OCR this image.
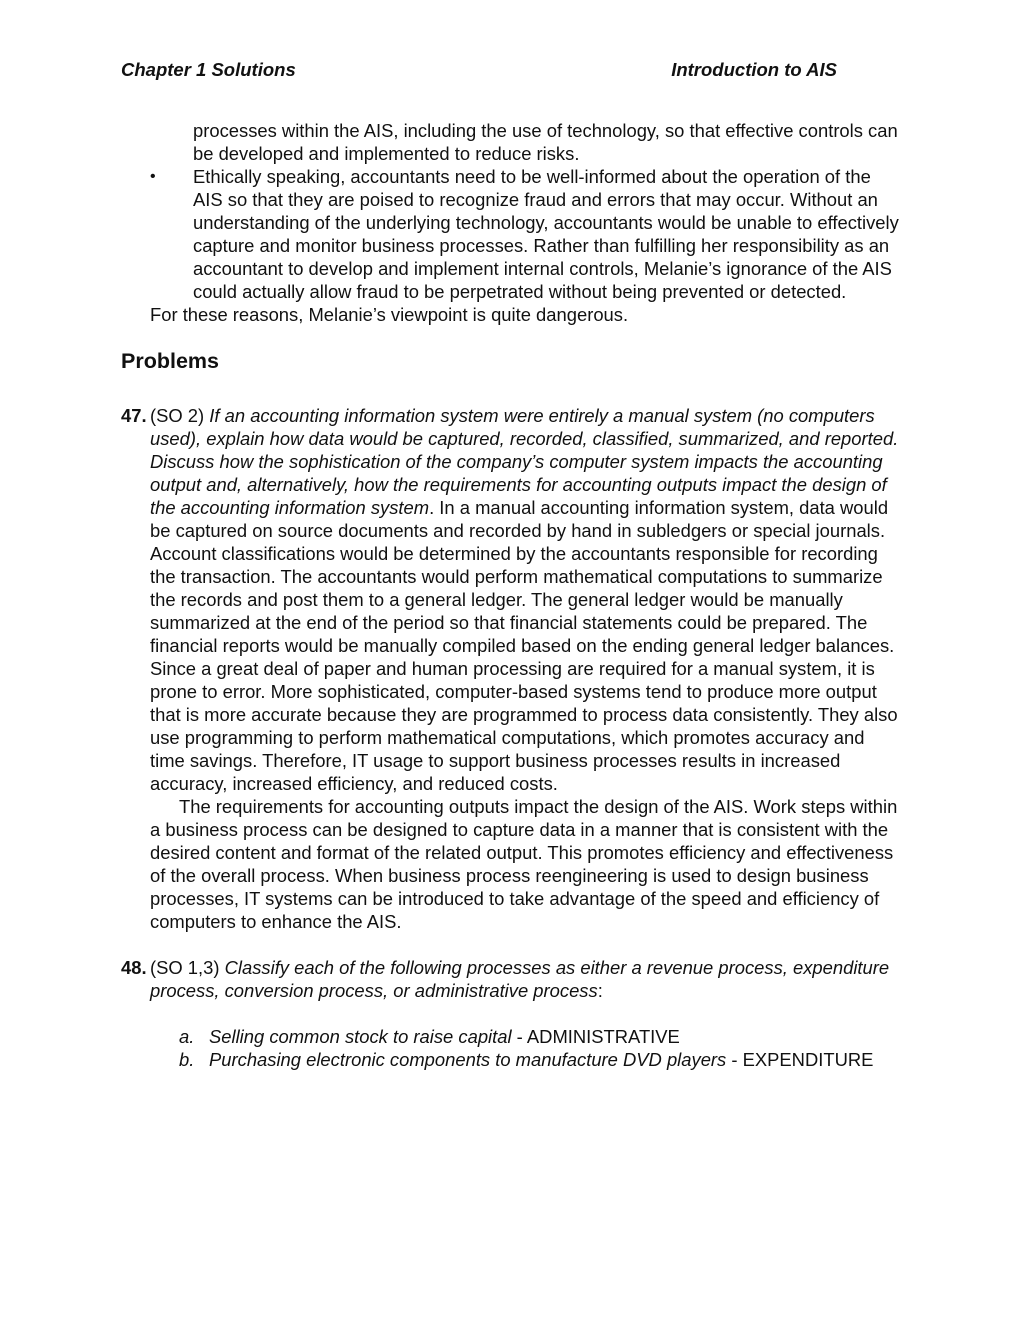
Chapter 1 Solutions	Introduction to AIS

processes within the AIS, including the use of technology, so that effective controls can be developed and implemented to reduce risks.

• Ethically speaking, accountants need to be well-informed about the operation of the AIS so that they are poised to recognize fraud and errors that may occur. Without an understanding of the underlying technology, accountants would be unable to effectively capture and monitor business processes. Rather than fulfilling her responsibility as an accountant to develop and implement internal controls, Melanie’s ignorance of the AIS could actually allow fraud to be perpetrated without being prevented or detected.

For these reasons, Melanie’s viewpoint is quite dangerous.

Problems
47. (SO 2) If an accounting information system were entirely a manual system (no computers used), explain how data would be captured, recorded, classified, summarized, and reported. Discuss how the sophistication of the company’s computer system impacts the accounting output and, alternatively, how the requirements for accounting outputs impact the design of the accounting information system. In a manual accounting information system, data would be captured on source documents and recorded by hand in subledgers or special journals. Account classifications would be determined by the accountants responsible for recording the transaction. The accountants would perform mathematical computations to summarize the records and post them to a general ledger. The general ledger would be manually summarized at the end of the period so that financial statements could be prepared. The financial reports would be manually compiled based on the ending general ledger balances. Since a great deal of paper and human processing are required for a manual system, it is prone to error. More sophisticated, computer-based systems tend to produce more output that is more accurate because they are programmed to process data consistently. They also use programming to perform mathematical computations, which promotes accuracy and time savings. Therefore, IT usage to support business processes results in increased accuracy, increased efficiency, and reduced costs.

The requirements for accounting outputs impact the design of the AIS. Work steps within a business process can be designed to capture data in a manner that is consistent with the desired content and format of the related output. This promotes efficiency and effectiveness of the overall process. When business process reengineering is used to design business processes, IT systems can be introduced to take advantage of the speed and efficiency of computers to enhance the AIS.

48. (SO 1,3) Classify each of the following processes as either a revenue process, expenditure process, conversion process, or administrative process:

a. Selling common stock to raise capital - ADMINISTRATIVE

b. Purchasing electronic components to manufacture DVD players - EXPENDITURE
